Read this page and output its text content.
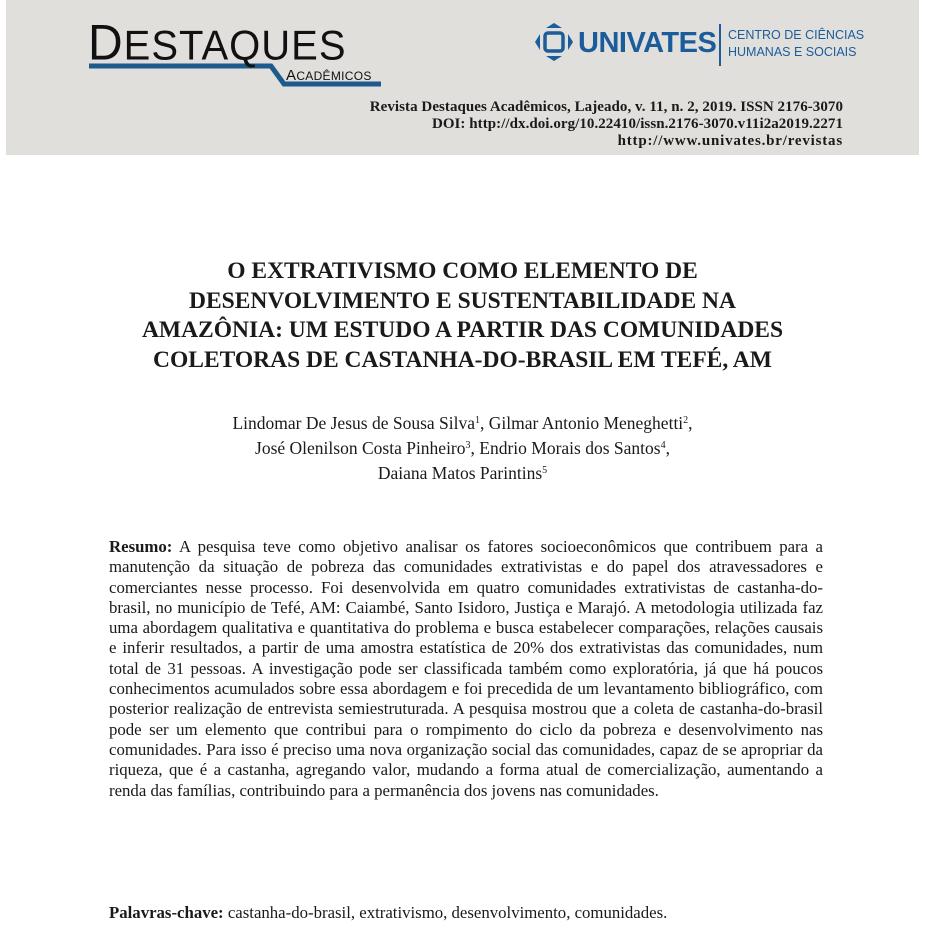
DESTAQUES
ACADÊMICOS
UNIVATES CENTRO DE CIÊNCIAS
HUMANAS E SOCIAIS
Revista Destaques Acadêmicos, Lajeado, v. 11, n. 2, 2019. ISSN 2176-3070
DOI: http://dx.doi.org/10.22410/issn.2176-3070.v11i2a2019.2271
http://www.univates.br/revistas
O EXTRATIVISMO COMO ELEMENTO DE
DESENVOLVIMENTO E SUSTENTABILIDADE NA
AMAZÔNIA: UM ESTUDO A PARTIR DAS COMUNIDADES
COLETORAS DE CASTANHA-DO-BRASIL EM TEFÉ, AM
Lindomar De Jesus de Sousa Silva$^1$, Gilmar Antonio Meneghetti$^2$,
José Olenilson Costa Pinheiro$^3$, Endrio Morais dos Santos$^4$,
Daiana Matos Parintins$^5$
Resumo: A pesquisa teve como objetivo analisar os fatores socioeconômicos que contribuem para a manutenção da situação de pobreza das comunidades extrativistas e do papel dos atravessadores e comerciantes nesse processo. Foi desenvolvida em quatro comunidades extrativistas de castanha-do-brasil, no município de Tefé, AM: Caiambé, Santo Isidoro, Justiça e Marajó. A metodologia utilizada faz uma abordagem qualitativa e quantitativa do problema e busca estabelecer comparações, relações causais e inferir resultados, a partir de uma amostra estatística de 20% dos extrativistas das comunidades, num total de 31 pessoas. A investigação pode ser classificada também como exploratória, já que há poucos conhecimentos acumulados sobre essa abordagem e foi precedida de um levantamento bibliográfico, com posterior realização de entrevista semiestruturada. A pesquisa mostrou que a coleta de castanha-do-brasil pode ser um elemento que contribui para o rompimento do ciclo da pobreza e desenvolvimento nas comunidades. Para isso é preciso uma nova organização social das comunidades, capaz de se apropriar da riqueza, que é a castanha, agregando valor, mudando a forma atual de comercialização, aumentando a renda das famílias, contribuindo para a permanência dos jovens nas comunidades.
Palavras-chave: castanha-do-brasil, extrativismo, desenvolvimento, comunidades.
